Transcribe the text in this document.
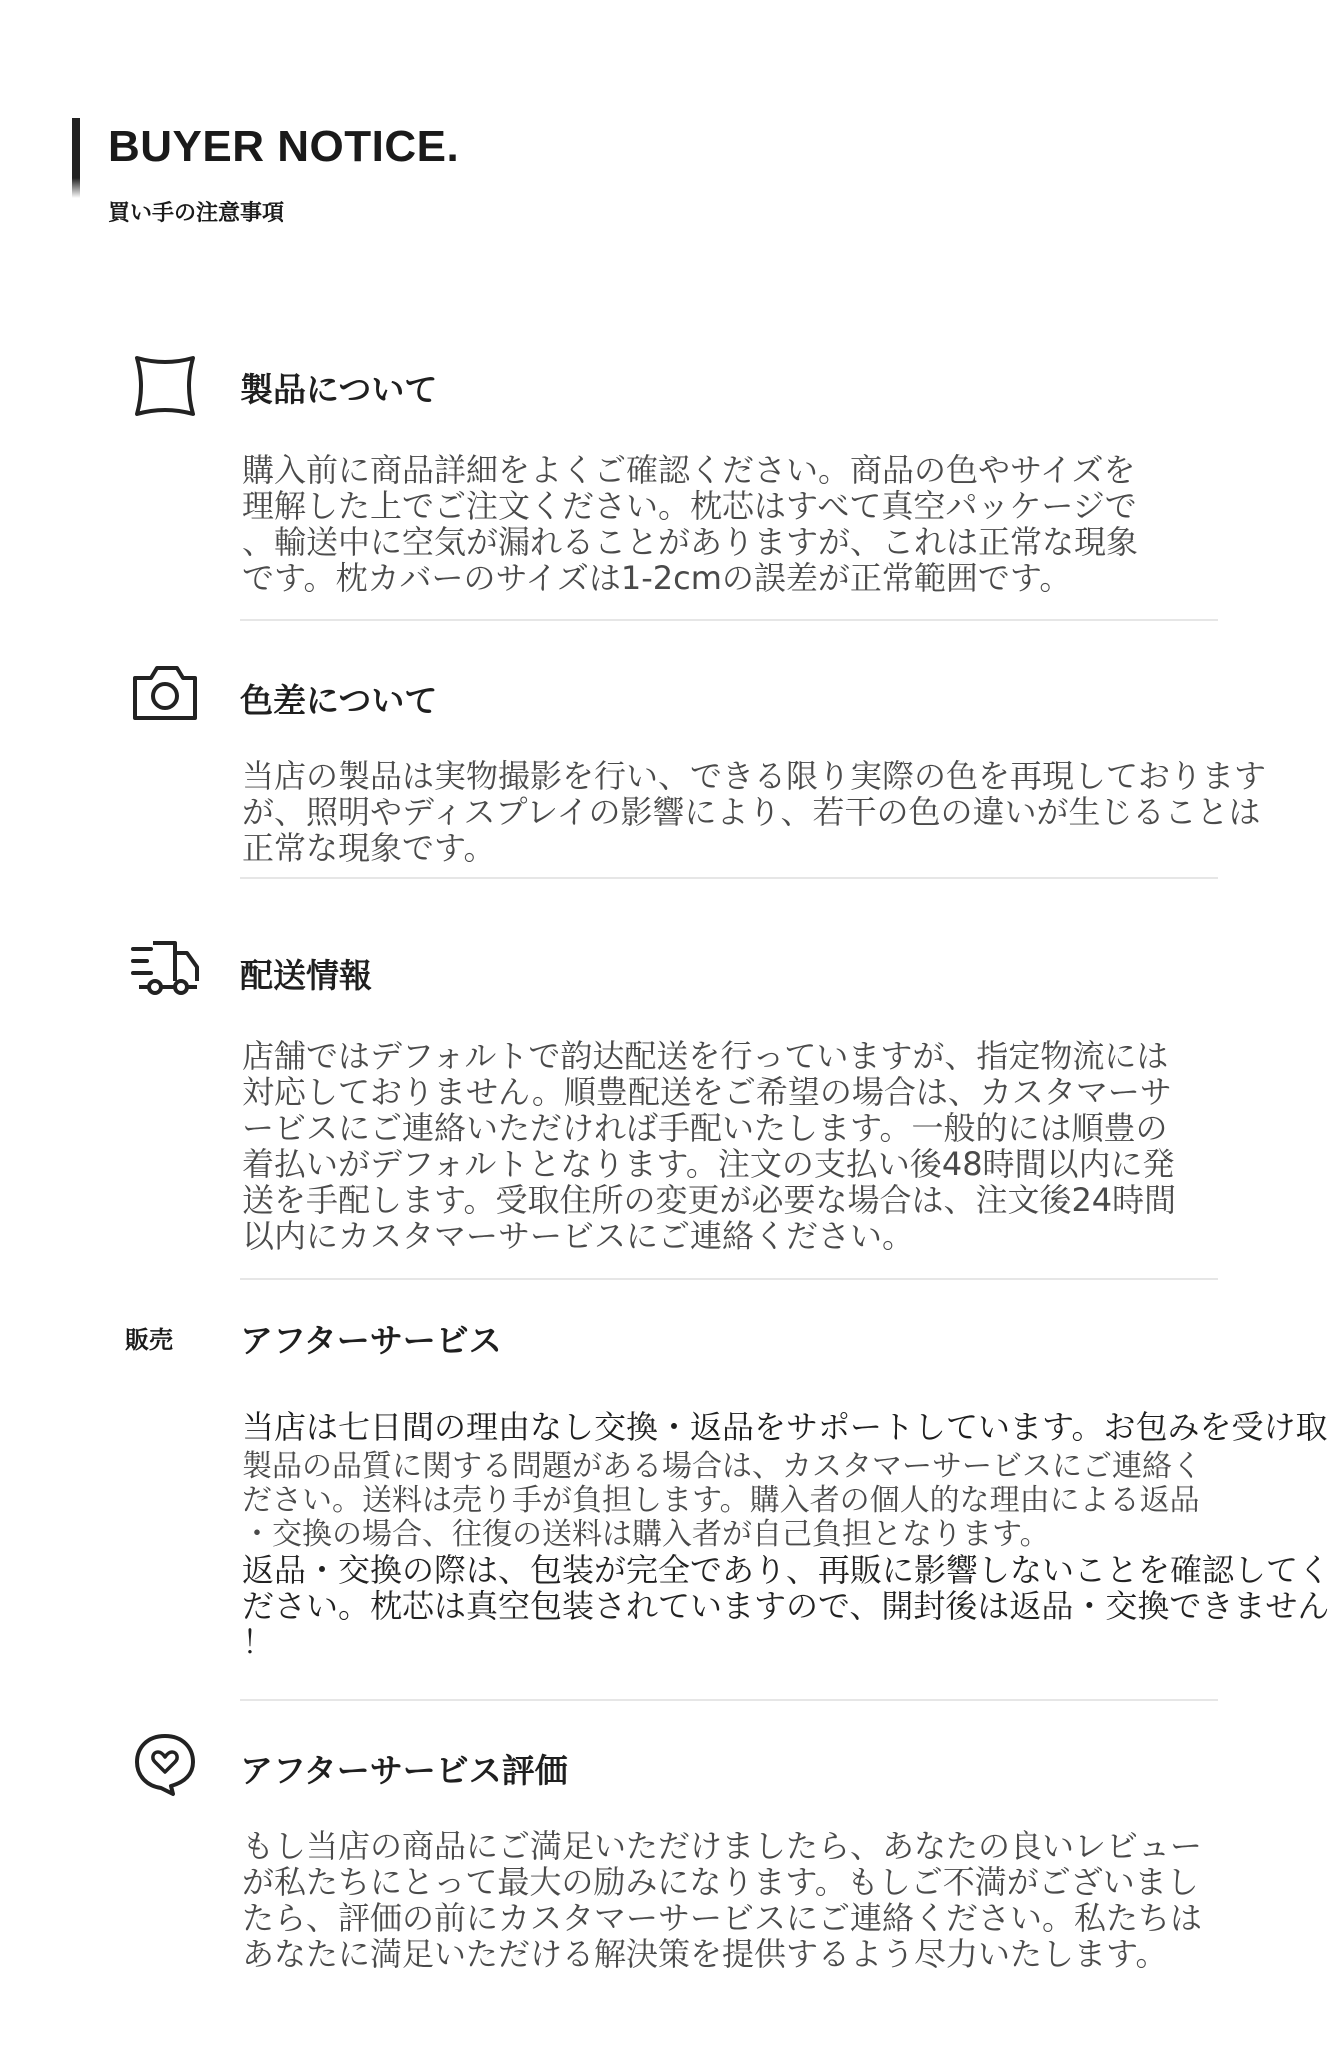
BUYER NOTICE.
買い手の注意事項
製品について
購入前に商品詳細をよくご確認ください。商品の色やサイズを
理解した上でご注文ください。枕芯はすべて真空パッケージで
、輸送中に空気が漏れることがありますが、これは正常な現象
です。枕カバーのサイズは1-2cmの誤差が正常範囲です。
色差について
当店の製品は実物撮影を行い、できる限り実際の色を再現しております
が、照明やディスプレイの影響により、若干の色の違いが生じることは
正常な現象です。
配送情報
店舗ではデフォルトで韵达配送を行っていますが、指定物流には
対応しておりません。順豊配送をご希望の場合は、カスタマーサ
ービスにご連絡いただければ手配いたします。一般的には順豊の
着払いがデフォルトとなります。注文の支払い後48時間以内に発
送を手配します。受取住所の変更が必要な場合は、注文後24時間
以内にカスタマーサービスにご連絡ください。
販売 アフターサービス
当店は七日間の理由なし交換・返品をサポートしています。お包みを受け取
製品の品質に関する問題がある場合は、カスタマーサービスにご連絡く
ださい。送料は売り手が負担します。購入者の個人的な理由による返品
・交換の場合、往復の送料は購入者が自己負担となります。
返品・交換の際は、包装が完全であり、再販に影響しないことを確認してく
ださい。枕芯は真空包装されていますので、開封後は返品・交換できません
！
アフターサービス評価
もし当店の商品にご満足いただけましたら、あなたの良いレビュー
が私たちにとって最大の励みになります。もしご不満がございまし
たら、評価の前にカスタマーサービスにご連絡ください。私たちは
あなたに満足いただける解決策を提供するよう尽力いたします。
